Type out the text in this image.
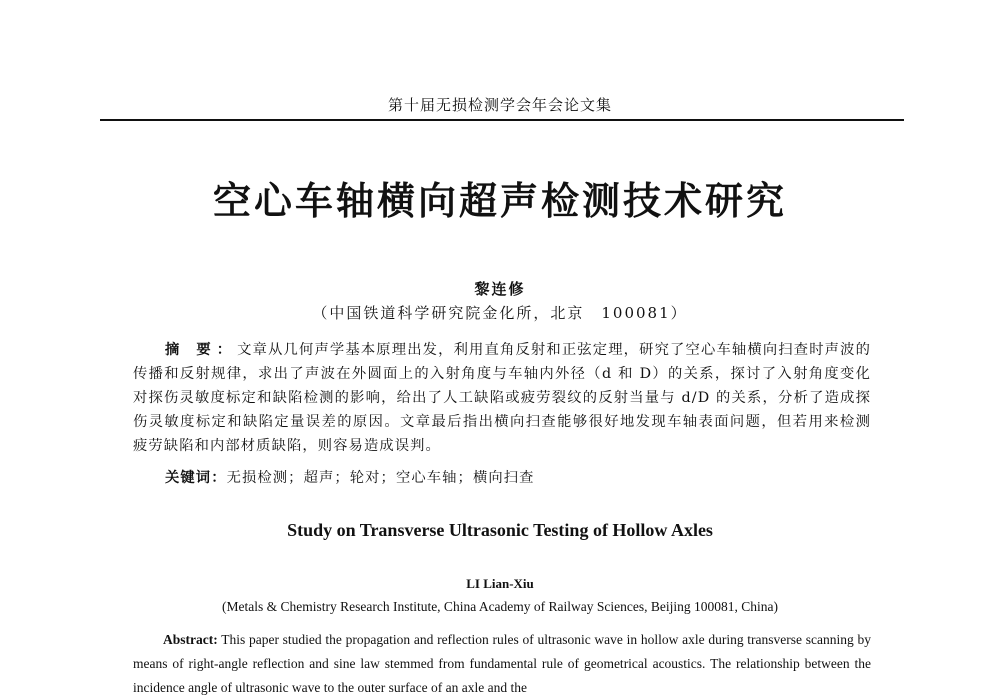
第十届无损检测学会年会论文集
空心车轴横向超声检测技术研究
黎连修
（中国铁道科学研究院金化所，北京　100081）
摘 要：文章从几何声学基本原理出发，利用直角反射和正弦定理，研究了空心车轴横向扫查时声波的传播和反射规律，求出了声波在外圆面上的入射角度与车轴内外径（d 和 D）的关系，探讨了入射角度变化对探伤灵敏度标定和缺陷检测的影响，给出了人工缺陷或疲劳裂纹的反射当量与 d/D 的关系，分析了造成探伤灵敏度标定和缺陷定量误差的原因。文章最后指出横向扫查能够很好地发现车轴表面问题，但若用来检测疲劳缺陷和内部材质缺陷，则容易造成误判。
关键词：无损检测；超声；轮对；空心车轴；横向扫查
Study on Transverse Ultrasonic Testing of Hollow Axles
LI Lian-Xiu
(Metals & Chemistry Research Institute, China Academy of Railway Sciences, Beijing 100081, China)
Abstract: This paper studied the propagation and reflection rules of ultrasonic wave in hollow axle during transverse scanning by means of right-angle reflection and sine law stemmed from fundamental rule of geometrical acoustics. The relationship between the incidence angle of ultrasonic wave to the outer surface of an axle and the
